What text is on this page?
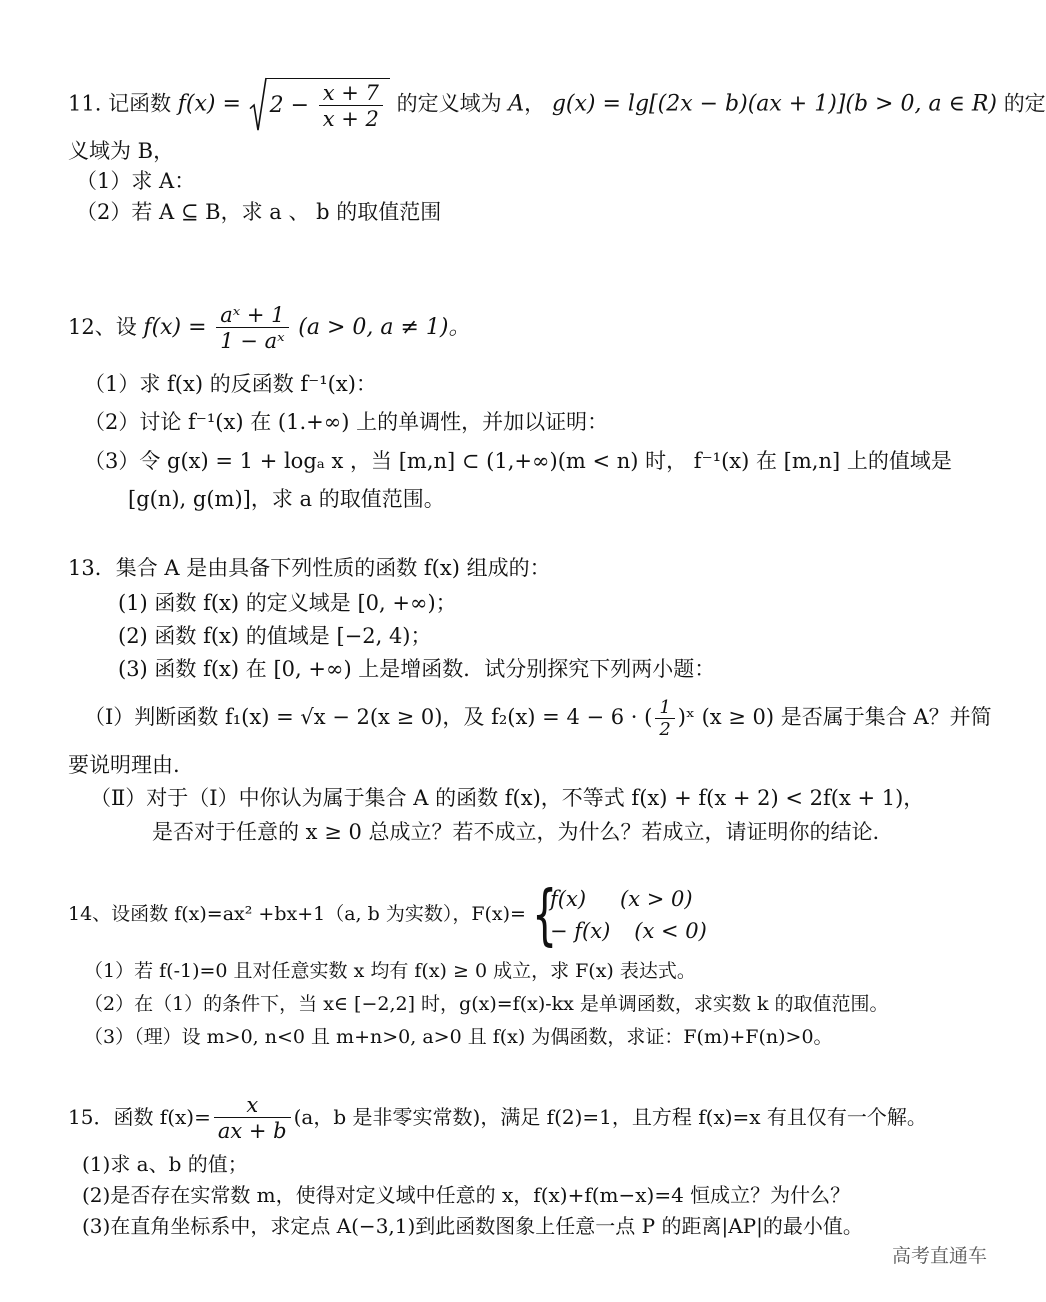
11. 记函数 $f(x) = 2 - \frac{x + 7}{x + 2}$ 的定义域为 A， g(x) = lg[(2x − b)(ax + 1)](b > 0, a ∈ R) 的定
义域为 B，
（1）求 A：
（2）若 A ⊆ B，求 a 、 b 的取值范围
12、设 $f(x) = \frac{\text{aˣ + 1}}{\text{1 − aˣ}} (a > 0$, a ≠ 1)。
（1）求 f(x) 的反函数 f⁻¹(x)：
（2）讨论 f⁻¹(x) 在 (1.+∞) 上的单调性，并加以证明：
（3）令 g(x) = 1 + logₐ x ，当 [m,n] ⊂ (1,+∞)(m < n) 时， f⁻¹(x) 在 [m,n] 上的值域是
[g(n), g(m)]，求 a 的取值范围。
13．集合 A 是由具备下列性质的函数 f(x) 组成的：
(1) 函数 f(x) 的定义域是 [0, +∞)；
(2) 函数 f(x) 的值域是 [−2, 4)；
(3) 函数 f(x) 在 [0, +∞) 上是增函数．试分别探究下列两小题：
（Ⅰ）判断函数 f₁(x) = √x − 2(x ≥ 0)，及 f₂(x) = 4 − 6 · ( $\frac{1}{2}$ )ˣ (x ≥ 0) 是否属于集合 A？并简
要说明理由.
（Ⅱ）对于（Ⅰ）中你认为属于集合 A 的函数 f(x)，不等式 f(x) + f(x + 2) < 2f(x + 1)，
是否对于任意的 x ≥ 0 总成立？若不成立，为什么？若成立，请证明你的结论.
14、设函数 f(x)=ax² +bx+1（a, b 为实数），F(x)= {
f(x) (x > 0)
− f(x) (x < 0)
（1）若 f(-1)=0 且对任意实数 x 均有 f(x) ≥ 0 成立，求 F(x) 表达式。
（2）在（1）的条件下，当 x∈ [−2,2] 时，g(x)=f(x)-kx 是单调函数，求实数 k 的取值范围。
（3）（理）设 m>0, n<0 且 m+n>0, a>0 且 f(x) 为偶函数，求证：F(m)+F(n)>0。
15．函数 $f(x)= \frac{x}{ax + b} (a$，b 是非零实常数)，满足 f(2)=1，且方程 f(x)=x 有且仅有一个解。
(1)求 a、b 的值；
(2)是否存在实常数 m，使得对定义域中任意的 x，f(x)+f(m−x)=4 恒成立？为什么？
(3)在直角坐标系中，求定点 A(−3,1)到此函数图象上任意一点 P 的距离|AP|的最小值。
高考直通车
